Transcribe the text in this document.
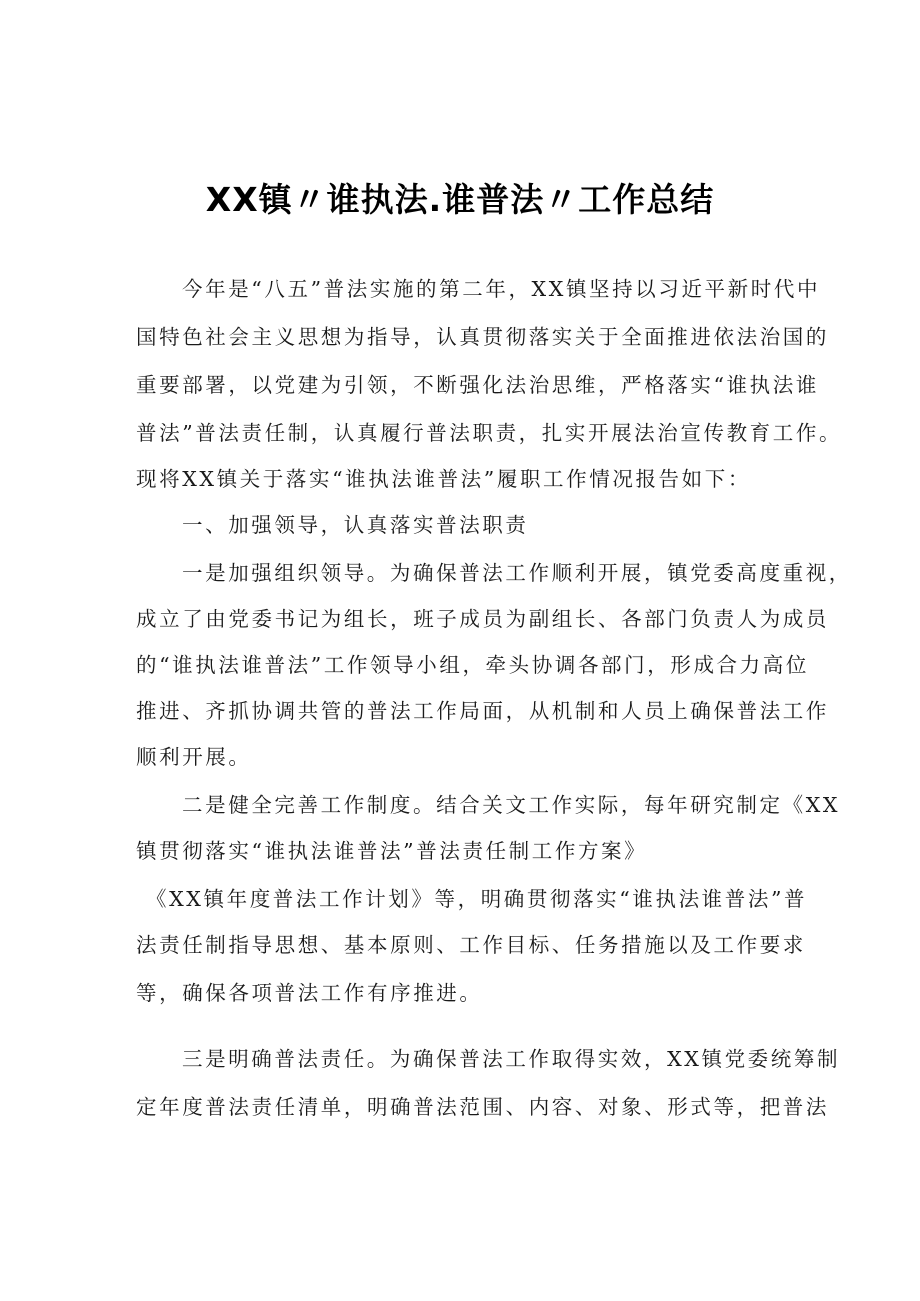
XX镇〃谁执法.谁普法〃工作总结

今年是“八五”普法实施的第二年，XX镇坚持以习近平新时代中

国特色社会主义思想为指导，认真贯彻落实关于全面推进依法治国的

重要部署，以党建为引领，不断强化法治思维，严格落实“谁执法谁

普法”普法责任制，认真履行普法职责，扎实开展法治宣传教育工作。

现将XX镇关于落实“谁执法谁普法”履职工作情况报告如下：

一、加强领导，认真落实普法职责

一是加强组织领导。为确保普法工作顺利开展，镇党委高度重视，

成立了由党委书记为组长，班子成员为副组长、各部门负责人为成员

的“谁执法谁普法”工作领导小组，牵头协调各部门，形成合力高位

推进、齐抓协调共管的普法工作局面，从机制和人员上确保普法工作

顺利开展。

二是健全完善工作制度。结合关文工作实际，每年研究制定《XX

镇贯彻落实“谁执法谁普法”普法责任制工作方案》

《XX镇年度普法工作计划》等，明确贯彻落实“谁执法谁普法”普

法责任制指导思想、基本原则、工作目标、任务措施以及工作要求

等，确保各项普法工作有序推进。

三是明确普法责任。为确保普法工作取得实效，XX镇党委统筹制

定年度普法责任清单，明确普法范围、内容、对象、形式等，把普法
